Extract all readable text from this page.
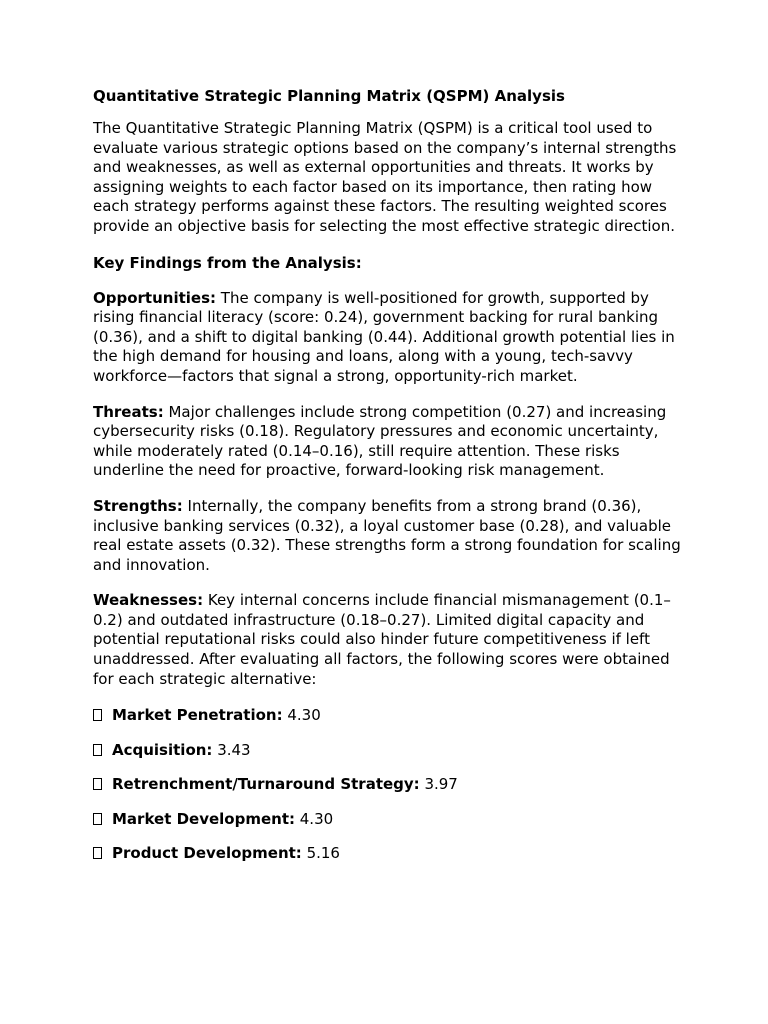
Quantitative Strategic Planning Matrix (QSPM) Analysis
The Quantitative Strategic Planning Matrix (QSPM) is a critical tool used to evaluate various strategic options based on the company’s internal strengths and weaknesses, as well as external opportunities and threats. It works by assigning weights to each factor based on its importance, then rating how each strategy performs against these factors. The resulting weighted scores provide an objective basis for selecting the most effective strategic direction.
Key Findings from the Analysis:
Opportunities: The company is well-positioned for growth, supported by rising financial literacy (score: 0.24), government backing for rural banking (0.36), and a shift to digital banking (0.44). Additional growth potential lies in the high demand for housing and loans, along with a young, tech-savvy workforce—factors that signal a strong, opportunity-rich market.
Threats: Major challenges include strong competition (0.27) and increasing cybersecurity risks (0.18). Regulatory pressures and economic uncertainty, while moderately rated (0.14–0.16), still require attention. These risks underline the need for proactive, forward-looking risk management.
Strengths: Internally, the company benefits from a strong brand (0.36), inclusive banking services (0.32), a loyal customer base (0.28), and valuable real estate assets (0.32). These strengths form a strong foundation for scaling and innovation.
Weaknesses: Key internal concerns include financial mismanagement (0.1–0.2) and outdated infrastructure (0.18–0.27). Limited digital capacity and potential reputational risks could also hinder future competitiveness if left unaddressed. After evaluating all factors, the following scores were obtained for each strategic alternative:
Market Penetration: 4.30
Acquisition: 3.43
Retrenchment/Turnaround Strategy: 3.97
Market Development: 4.30
Product Development: 5.16
